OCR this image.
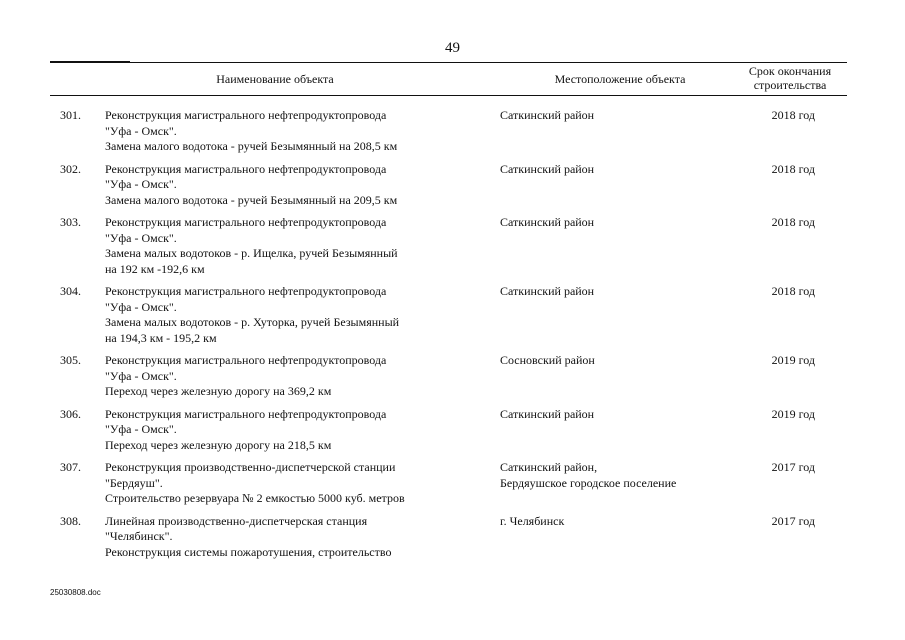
49
Наименование объекта	Местоположение объекта
Срок окончания
строительства
301.	Реконструкция магистрального нефтепродуктопровода
"Уфа - Омск".
Замена малого водотока - ручей Безымянный на 208,5 км
Саткинский район	2018 год
302.	Реконструкция магистрального нефтепродуктопровода
"Уфа - Омск".
Замена малого водотока - ручей Безымянный на 209,5 км
Саткинский район	2018 год
303.	Реконструкция магистрального нефтепродуктопровода
"Уфа - Омск".
Замена малых водотоков - р. Ищелка, ручей Безымянный
на 192 км -192,6 км
Саткинский район	2018 год
304.	Реконструкция магистрального нефтепродуктопровода
"Уфа - Омск".
Замена малых водотоков - р. Хуторка, ручей Безымянный
на 194,3 км - 195,2 км
Саткинский район	2018 год
305.	Реконструкция магистрального нефтепродуктопровода
"Уфа - Омск".
Переход через железную дорогу на 369,2 км
Сосновский район	2019 год
306.	Реконструкция магистрального нефтепродуктопровода
"Уфа - Омск".
Переход через железную дорогу на 218,5 км
Саткинский район	2019 год
307.	Реконструкция производственно-диспетчерской станции
"Бердяуш".
Строительство резервуара № 2 емкостью 5000 куб. метров
Саткинский район,
Бердяушское городское поселение
2017 год
308.	Линейная производственно-диспетчерская станция
"Челябинск".
Реконструкция системы пожаротушения, строительство
г. Челябинск	2017 год
25030808.doc
